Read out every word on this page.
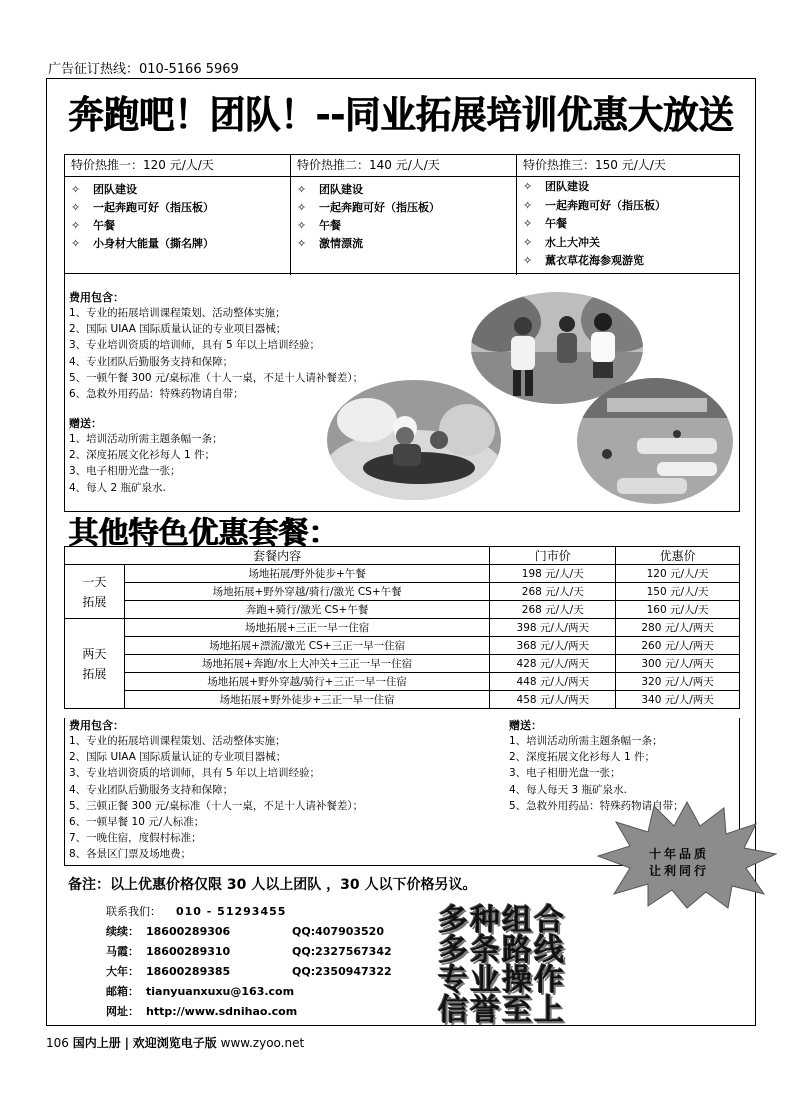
广告征订热线：010-5166 5969
奔跑吧！团队！--同业拓展培训优惠大放送
特价热推一：120 元/人/天
✧ 团队建设
✧ 一起奔跑可好（指压板）
✧ 午餐
✧ 小身材大能量（撕名牌）
特价热推二：140 元/人/天
✧ 团队建设
✧ 一起奔跑可好（指压板）
✧ 午餐
✧ 激情漂流
特价热推三：150 元/人/天
✧ 团队建设
✧ 一起奔跑可好（指压板）
✧ 午餐
✧ 水上大冲关
✧ 薰衣草花海参观游览
费用包含：
1、专业的拓展培训课程策划、活动整体实施；
2、国际 UIAA 国际质量认证的专业项目器械；
3、专业培训资质的培训师，具有 5 年以上培训经验；
4、专业团队后勤服务支持和保障；
5、一顿午餐 300 元/桌标准（十人一桌，不足十人请补餐差）；
6、急救外用药品：特殊药物请自带；
赠送：
1、培训活动所需主题条幅一条；
2、深度拓展文化衫每人 1 件；
3、电子相册光盘一张；
4、每人 2 瓶矿泉水.
其他特色优惠套餐：
套餐内容		门市价	优惠价
一天拓展	场地拓展/野外徒步+午餐	198 元/人/天	120 元/人/天
	场地拓展+野外穿越/骑行/激光 CS+午餐	268 元/人/天	150 元/人/天
	奔跑+骑行/激光 CS+午餐	268 元/人/天	160 元/人/天
两天拓展	场地拓展+三正一早一住宿	398 元/人/两天	280 元/人/两天
	场地拓展+漂流/激光 CS+三正一早一住宿	368 元/人/两天	260 元/人/两天
	场地拓展+奔跑/水上大冲关+三正一早一住宿	428 元/人/两天	300 元/人/两天
	场地拓展+野外穿越/骑行+三正一早一住宿	448 元/人/两天	320 元/人/两天
	场地拓展+野外徒步+三正一早一住宿	458 元/人/两天	340 元/人/两天
费用包含：
1、专业的拓展培训课程策划、活动整体实施；
2、国际 UIAA 国际质量认证的专业项目器械；
3、专业培训资质的培训师，具有 5 年以上培训经验；
4、专业团队后勤服务支持和保障；
5、三顿正餐 300 元/桌标准（十人一桌，不足十人请补餐差）；
6、一顿早餐 10 元/人标准；
7、一晚住宿，度假村标准；
8、各景区门票及场地费；
赠送：
1、培训活动所需主题条幅一条；
2、深度拓展文化衫每人 1 件；
3、电子相册光盘一张；
4、每人每天 3 瓶矿泉水.
5、急救外用药品：特殊药物请自带；
十年品质
让利同行
备注：以上优惠价格仅限 30 人以上团队 ，30 人以下价格另议。
联系我们： 010 - 51293455
续续： 18600289306	QQ:407903520
马霞： 18600289310	QQ:2327567342
大年： 18600289385	QQ:2350947322
邮箱： tianyuanxuxu@163.com
网址： http://www.sdnihao.com
多种组合
多条路线
专业操作
信誉至上
106 国内上册 | 欢迎浏览电子版 www.zyoo.net
